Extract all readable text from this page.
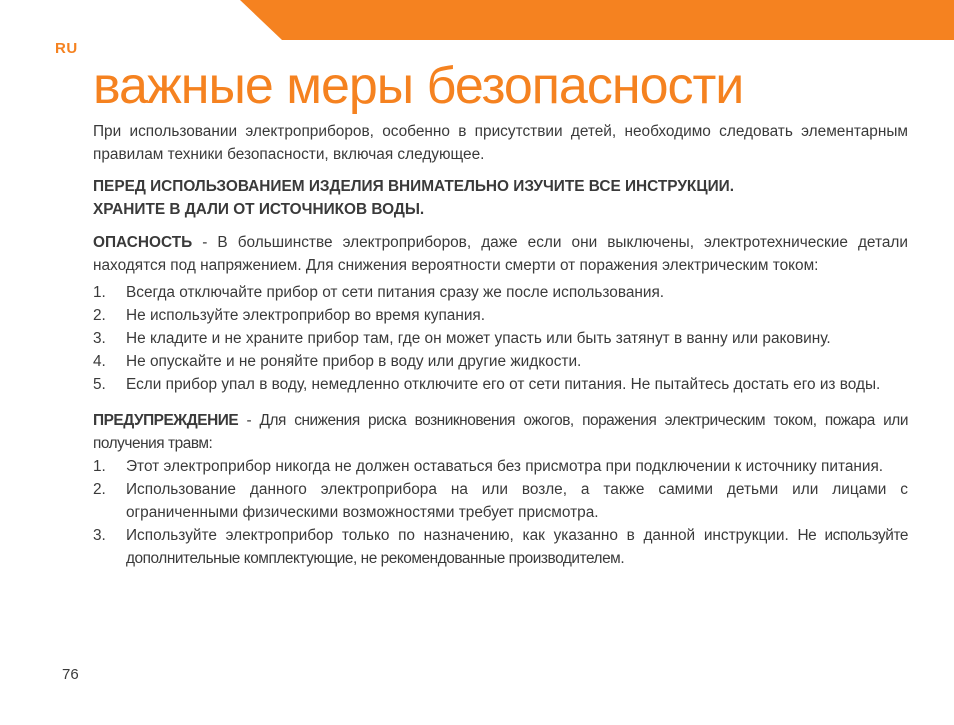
RU
важные меры безопасности

При использовании электроприборов, особенно в присутствии детей, необходимо следовать элементарным правилам техники безопасности, включая следующее.

ПЕРЕД ИСПОЛЬЗОВАНИЕМ ИЗДЕЛИЯ ВНИМАТЕЛЬНО ИЗУЧИТЕ ВСЕ ИНСТРУКЦИИ.
ХРАНИТЕ В ДАЛИ ОТ ИСТОЧНИКОВ ВОДЫ.

ОПАСНОСТЬ - В большинстве электроприборов, даже если они выключены, электротехнические детали находятся под напряжением. Для снижения вероятности смерти от поражения электрическим током:

1. Всегда отключайте прибор от сети питания сразу же после использования.
2. Не используйте электроприбор во время купания.
3. Не кладите и не храните прибор там, где он может упасть или быть затянут в ванну или раковину.
4. Не опускайте и не роняйте прибор в воду или другие жидкости.
5. Если прибор упал в воду, немедленно отключите его от сети питания. Не пытайтесь достать его из воды.

ПРЕДУПРЕЖДЕНИЕ - Для снижения риска возникновения ожогов, поражения электрическим током, пожара или получения травм:

1. Этот электроприбор никогда не должен оставаться без присмотра при подключении к источнику питания.
2. Использование данного электроприбора на или возле, а также самими детьми или лицами с ограниченными физическими возможностями требует присмотра.
3. Используйте электроприбор только по назначению, как указанно в данной инструкции. Не используйте дополнительные комплектующие, не рекомендованные производителем.
76
